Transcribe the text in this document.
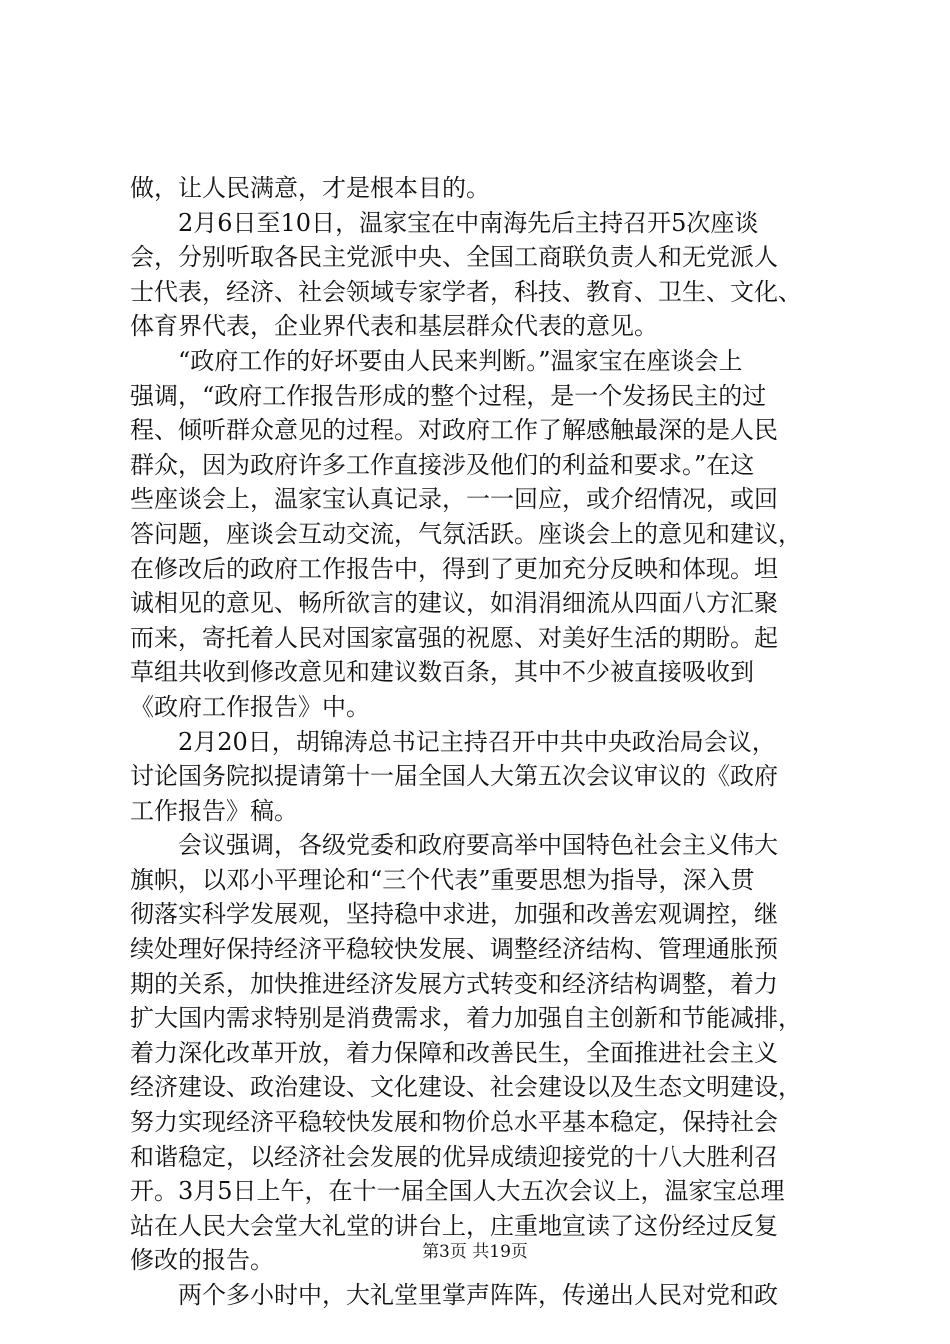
做，让人民满意，才是根本目的。
　　2月6日至10日，温家宝在中南海先后主持召开5次座谈
会，分别听取各民主党派中央、全国工商联负责人和无党派人
士代表，经济、社会领域专家学者，科技、教育、卫生、文化、
体育界代表，企业界代表和基层群众代表的意见。
　　“政府工作的好坏要由人民来判断。”温家宝在座谈会上
强调，“政府工作报告形成的整个过程，是一个发扬民主的过
程、倾听群众意见的过程。对政府工作了解感触最深的是人民
群众，因为政府许多工作直接涉及他们的利益和要求。”在这
些座谈会上，温家宝认真记录，一一回应，或介绍情况，或回
答问题，座谈会互动交流，气氛活跃。座谈会上的意见和建议，
在修改后的政府工作报告中，得到了更加充分反映和体现。坦
诚相见的意见、畅所欲言的建议，如涓涓细流从四面八方汇聚
而来，寄托着人民对国家富强的祝愿、对美好生活的期盼。起
草组共收到修改意见和建议数百条，其中不少被直接吸收到
《政府工作报告》中。
　　2月20日，胡锦涛总书记主持召开中共中央政治局会议，
讨论国务院拟提请第十一届全国人大第五次会议审议的《政府
工作报告》稿。
　　会议强调，各级党委和政府要高举中国特色社会主义伟大
旗帜，以邓小平理论和“三个代表”重要思想为指导，深入贯
彻落实科学发展观，坚持稳中求进，加强和改善宏观调控，继
续处理好保持经济平稳较快发展、调整经济结构、管理通胀预
期的关系，加快推进经济发展方式转变和经济结构调整，着力
扩大国内需求特别是消费需求，着力加强自主创新和节能减排，
着力深化改革开放，着力保障和改善民生，全面推进社会主义
经济建设、政治建设、文化建设、社会建设以及生态文明建设，
努力实现经济平稳较快发展和物价总水平基本稳定，保持社会
和谐稳定，以经济社会发展的优异成绩迎接党的十八大胜利召
开。3月5日上午，在十一届全国人大五次会议上，温家宝总理
站在人民大会堂大礼堂的讲台上，庄重地宣读了这份经过反复
修改的报告。
　　两个多小时中，大礼堂里掌声阵阵，传递出人民对党和政
第3页 共19页
